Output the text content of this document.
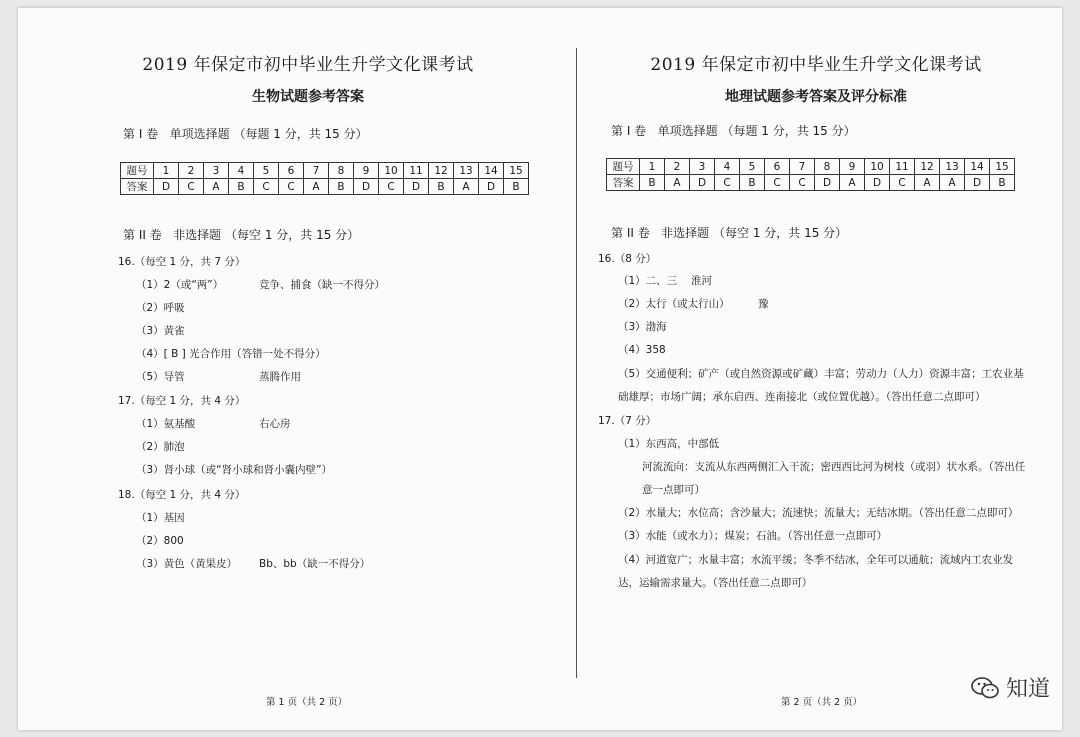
2019 年保定市初中毕业生升学文化课考试
生物试题参考答案
第 I 卷 单项选择题 （每题 1 分，共 15 分）
题号	1	2	3	4	5	6	7	8	9	10	11	12	13	14	15
答案	D	C	A	B	C	C	A	B	D	C	D	B	A	D	B
第 II 卷 非选择题 （每空 1 分，共 15 分）
16.（每空 1 分，共 7 分）
（1）2（或“两”）	竞争、捕食（缺一不得分）
（2）呼吸
（3）黄雀
（4）[ B ] 光合作用（答错一处不得分）
（5）导管	蒸腾作用
17.（每空 1 分，共 4 分）
（1）氨基酸	右心房
（2）肺泡
（3）肾小球（或“肾小球和肾小囊内壁”）
18.（每空 1 分，共 4 分）
（1）基因
（2）800
（3）黄色（黄果皮） Bb、bb（缺一不得分）
第 1 页（共 2 页）
2019 年保定市初中毕业生升学文化课考试
地理试题参考答案及评分标准
第 I 卷 单项选择题 （每题 1 分，共 15 分）
题号	1	2	3	4	5	6	7	8	9	10	11	12	13	14	15
答案	B	A	D	C	B	C	C	D	A	D	C	A	A	D	B
第 II 卷 非选择题 （每空 1 分，共 15 分）
16.（8 分）
（1）二、三 淮河
（2）太行（或太行山）	豫
（3）渤海
（4）358
（5）交通便利；矿产（或自然资源或矿藏）丰富；劳动力（人力）资源丰富；工农业基础雄厚；市场广阔；承东启西、连南接北（或位置优越）。（答出任意二点即可）
17.（7 分）
（1）东西高，中部低
河流流向：支流从东西两侧汇入干流；密西西比河为树枝（或羽）状水系。（答出任意一点即可）
（2）水量大；水位高；含沙量大；流速快；流量大；无结冰期。（答出任意二点即可）
（3）水能（或水力）；煤炭；石油。（答出任意一点即可）
（4）河道宽广；水量丰富；水流平缓；冬季不结冰，全年可以通航；流域内工农业发达，运输需求量大。（答出任意二点即可）
第 2 页（共 2 页）
知道
